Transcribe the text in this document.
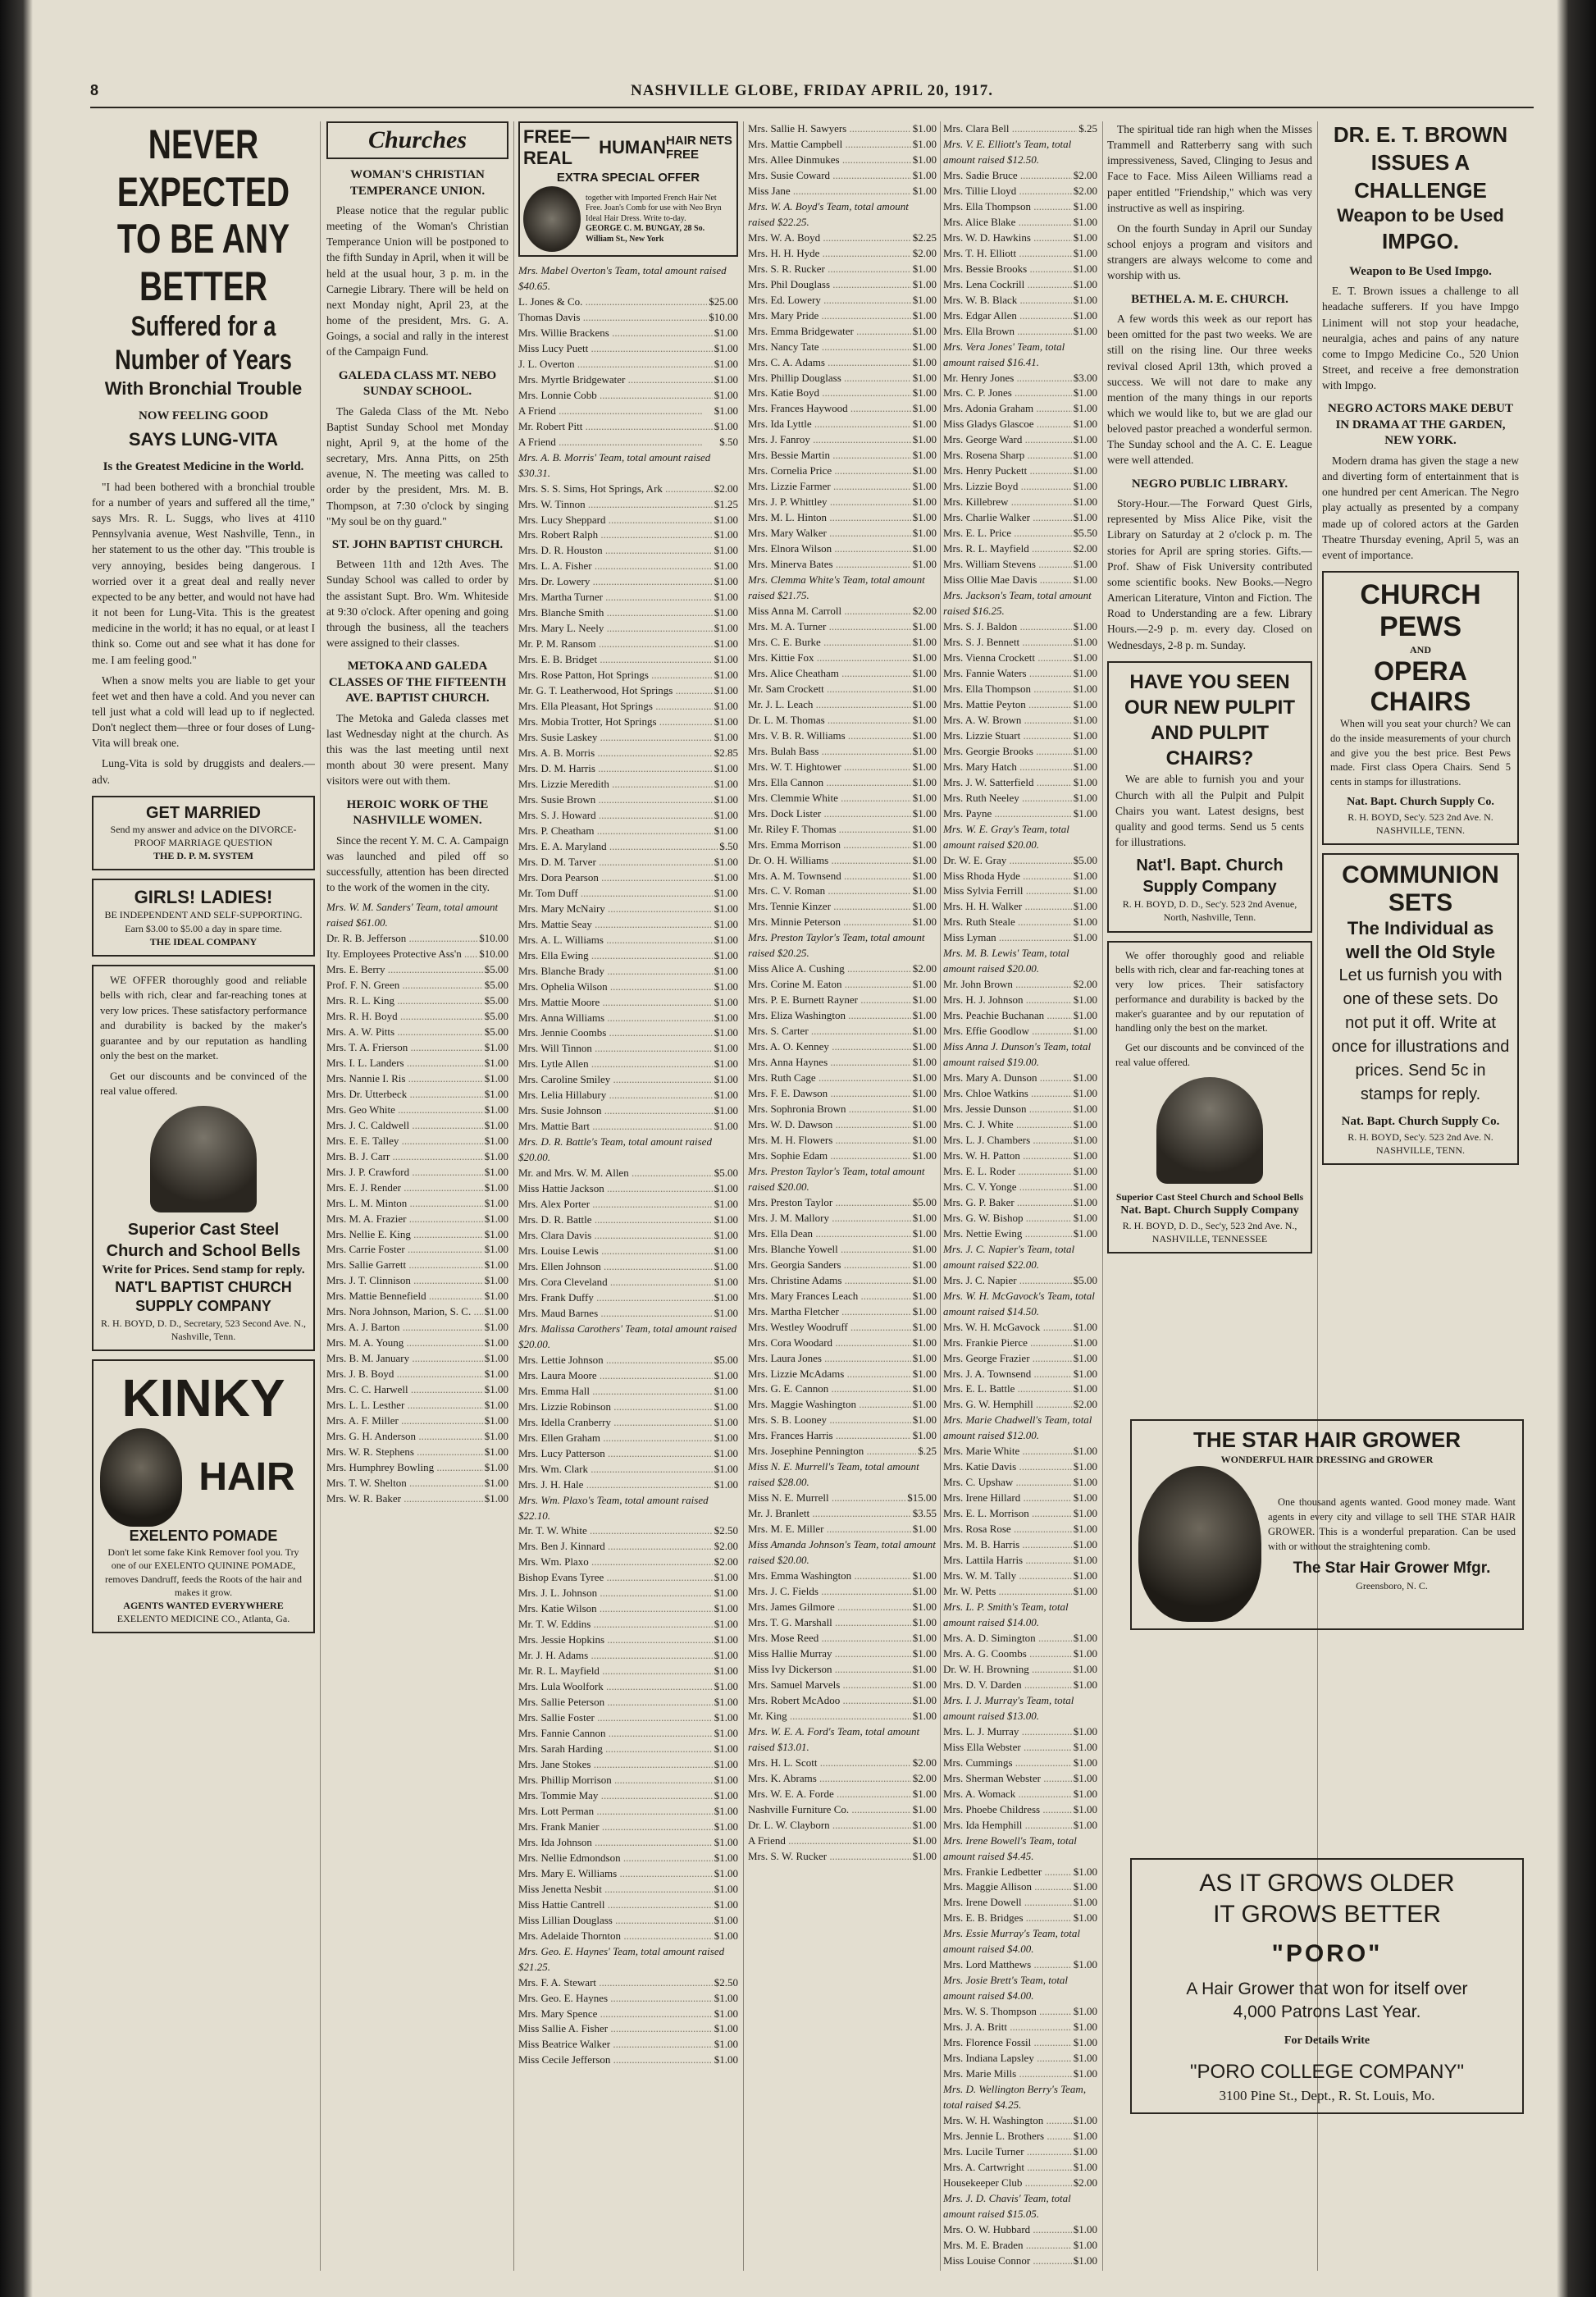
8	NASHVILLE GLOBE, FRIDAY APRIL 20, 1917.
NEVER EXPECTED TO BE ANY BETTER
Suffered for a Number of Years
With Bronchial Trouble
NOW FEELING GOOD
SAYS LUNG-VITA
Is the Greatest Medicine in the World.

"I had been bothered with a bronchial trouble for a number of years and suffered all the time," says Mrs. R. L. Suggs, who lives at 4110 Pennsylvania avenue, West Nashville, Tenn., in her statement to us the other day. "This trouble is very annoying, besides being dangerous. I worried over it a great deal and really never expected to be any better, and would not have had it not been for Lung-Vita. This is the greatest medicine in the world; it has no equal, or at least I think so. Come out and see what it has done for me. I am feeling good."

When a snow melts you are liable to get your feet wet and then have a cold. And you never can tell just what a cold will lead up to if neglected. Don't neglect them—three or four doses of Lung-Vita will break one.

Lung-Vita is sold by druggists and dealers.—adv.

GET MARRIED
Send my answer and advice on the DIVORCE-PROOF MARRIAGE QUESTION
THE D. P. M. SYSTEM
GIRLS! LADIES!
BE INDEPENDENT AND SELF-SUPPORTING. Earn $3.00 to $5.00 a day in spare time.
THE IDEAL COMPANY

WE OFFER thoroughly good and reliable bells with rich, clear and far-reaching tones at very low prices. These satisfactory performance and durability is backed by the maker's guarantee and by our reputation as handling only the best on the market.

Get our discounts and be convinced of the real value offered.

Superior Cast Steel Church and School Bells
Write for Prices. Send stamp for reply.
NAT'L BAPTIST CHURCH SUPPLY COMPANY
R. H. BOYD, D. D., Secretary, 523 Second Ave. N., Nashville, Tenn.
KINKY
HAIR
EXELENTO POMADE
Don't let some fake Kink Remover fool you. Try one of our EXELENTO QUININE POMADE, removes Dandruff, feeds the Roots of the hair and makes it grow.
AGENTS WANTED EVERYWHERE
EXELENTO MEDICINE CO., Atlanta, Ga.
Churches
WOMAN'S CHRISTIAN TEMPERANCE UNION.

Please notice that the regular public meeting of the Woman's Christian Temperance Union will be postponed to the fifth Sunday in April, when it will be held at the usual hour, 3 p. m. in the Carnegie Library. There will be held on next Monday night, April 23, at the home of the president, Mrs. G. A. Goings, a social and rally in the interest of the Campaign Fund.

GALEDA CLASS MT. NEBO SUNDAY SCHOOL.

The Galeda Class of the Mt. Nebo Baptist Sunday School met Monday night, April 9, at the home of the secretary, Mrs. Anna Pitts, on 25th avenue, N. The meeting was called to order by the president, Mrs. M. B. Thompson, at 7:30 o'clock by singing "My soul be on thy guard."

ST. JOHN BAPTIST CHURCH.

Between 11th and 12th Aves. The Sunday School was called to order by the assistant Supt. Bro. Wm. Whiteside at 9:30 o'clock. After opening and going through the business, all the teachers were assigned to their classes.

METOKA AND GALEDA CLASSES OF THE FIFTEENTH AVE. BAPTIST CHURCH.

The Metoka and Galeda classes met last Wednesday night at the church. As this was the last meeting until next month about 30 were present. Many visitors were out with them.

HEROIC WORK OF THE NASHVILLE WOMEN.

Since the recent Y. M. C. A. Campaign was launched and piled off so successfully, attention has been directed to the work of the women in the city.

Mrs. W. M. Sanders' Team, total amount raised $61.00.
Dr. R. B. Jefferson .....	$10.00
Ity. Employees Protective Ass'n .....	$10.00
Mrs. E. Berry .....	$5.00
Prof. F. N. Green .....	$5.00
Mrs. R. L. King .....	$5.00
Mrs. R. H. Boyd .....	$5.00
Mrs. A. W. Pitts .....	$5.00
Mrs. T. A. Frierson .....	$1.00
Mrs. I. L. Landers .....	$1.00
Mrs. Nannie I. Ris .....	$1.00
Mrs. Dr. Utterbeck .....	$1.00
Mrs. Geo White .....	$1.00
Mrs. J. C. Caldwell .....	$1.00
Mrs. E. E. Talley .....	$1.00
Mrs. B. J. Carr .....	$1.00
Mrs. J. P. Crawford .....	$1.00
Mrs. E. J. Render .....	$1.00
Mrs. L. M. Minton .....	$1.00
Mrs. M. A. Frazier .....	$1.00
Mrs. Nellie E. King .....	$1.00
Mrs. Carrie Foster .....	$1.00
Mrs. Sallie Garrett .....	$1.00
Mrs. J. T. Clinnison .....	$1.00
Mrs. Mattie Bennefield .....	$1.00
Mrs. Nora Johnson, Marion, S. C. .....	$1.00
Mrs. A. J. Barton .....	$1.00
Mrs. M. A. Young .....	$1.00
Mrs. B. M. January .....	$1.00
Mrs. J. B. Boyd .....	$1.00
Mrs. C. C. Harwell .....	$1.00
Mrs. L. L. Lesther .....	$1.00
Mrs. A. F. Miller .....	$1.00
Mrs. G. H. Anderson .....	$1.00
Mrs. W. R. Stephens .....	$1.00
Mrs. Humphrey Bowling .....	$1.00
Mrs. T. W. Shelton .....	$1.00
Mrs. W. R. Baker .....	$1.00
FREE—REAL
HUMAN HAIR NETS FREE
EXTRA SPECIAL OFFER
together with Imported French Hair Net Free. Joan's Comb for use with Neo Bryn Ideal Hair Dress. Write to-day.
GEORGE C. M. BUNGAY, 28 So. William St., New York
Mrs. Mabel Overton's Team, total amount raised $40.65.
L. Jones & Co. .....	$25.00
Thomas Davis .....	$10.00
Mrs. Willie Brackens .....	$1.00
Miss Lucy Puett .....	$1.00
J. L. Overton .....	$1.00
Mrs. Myrtle Bridgewater .....	$1.00
Mrs. Lonnie Cobb .....	$1.00
A Friend .....	$1.00
Mr. Robert Pitt .....	$1.00
A Friend .....	$.50
Mrs. A. B. Morris' Team, total amount raised $30.31.
Mrs. S. S. Sims, Hot Springs, Ark .....	$2.00
Mrs. W. Tinnon .....	$1.25
Mrs. Lucy Sheppard .....	$1.00
Mrs. Robert Ralph .....	$1.00
Mrs. D. R. Houston .....	$1.00
Mrs. L. A. Fisher .....	$1.00
Mrs. Dr. Lowery .....	$1.00
Mrs. Martha Turner .....	$1.00
Mrs. Blanche Smith .....	$1.00
Mrs. Mary L. Neely .....	$1.00
Mr. P. M. Ransom .....	$1.00
Mrs. E. B. Bridget .....	$1.00
Mrs. Rose Patton, Hot Springs .....	$1.00
Mr. G. T. Leatherwood, Hot Springs .....	$1.00
Mrs. Ella Pleasant, Hot Springs .....	$1.00
Mrs. Mobia Trotter, Hot Springs .....	$1.00
Mrs. Susie Laskey .....	$1.00
Mrs. A. B. Morris .....	$2.85
Mrs. D. M. Harris .....	$1.00
Mrs. Lizzie Meredith .....	$1.00
Mrs. Susie Brown .....	$1.00
Mrs. S. J. Howard .....	$1.00
Mrs. P. Cheatham .....	$1.00
Mrs. E. A. Maryland .....	$.50
Mrs. D. M. Tarver .....	$1.00
Mrs. Dora Pearson .....	$1.00
Mr. Tom Duff .....	$1.00
Mrs. Mary McNairy .....	$1.00
Mrs. Mattie Seay .....	$1.00
Mrs. A. L. Williams .....	$1.00
Mrs. Ella Ewing .....	$1.00
Mrs. Blanche Brady .....	$1.00
Mrs. Ophelia Wilson .....	$1.00
Mrs. Mattie Moore .....	$1.00
Mrs. Anna Williams .....	$1.00
Mrs. Jennie Coombs .....	$1.00
Mrs. Will Tinnon .....	$1.00
Mrs. Lytle Allen .....	$1.00
Mrs. Caroline Smiley .....	$1.00
Mrs. Lelia Hillabury .....	$1.00
Mrs. Susie Johnson .....	$1.00
Mrs. Mattie Bart .....	$1.00
Mrs. D. R. Battle's Team, total amount raised $20.00.
Mr. and Mrs. W. M. Allen .....	$5.00
Miss Hattie Jackson .....	$1.00
Mrs. Alex Porter .....	$1.00
Mrs. D. R. Battle .....	$1.00
Mrs. Clara Davis .....	$1.00
Mrs. Louise Lewis .....	$1.00
Mrs. Ellen Johnson .....	$1.00
Mrs. Cora Cleveland .....	$1.00
Mrs. Frank Duffy .....	$1.00
Mrs. Maud Barnes .....	$1.00
Mrs. Malissa Carothers' Team, total amount raised $20.00.
Mrs. Lettie Johnson .....	$5.00
Mrs. Laura Moore .....	$1.00
Mrs. Emma Hall .....	$1.00
Mrs. Lizzie Robinson .....	$1.00
Mrs. Idella Cranberry .....	$1.00
Mrs. Ellen Graham .....	$1.00
Mrs. Lucy Patterson .....	$1.00
Mrs. Wm. Clark .....	$1.00
Mrs. J. H. Hale .....	$1.00
Mrs. Wm. Plaxo's Team, total amount raised $22.10.
Mr. T. W. White .....	$2.50
Mrs. Ben J. Kinnard .....	$2.00
Mrs. Wm. Plaxo .....	$2.00
Bishop Evans Tyree .....	$1.00
Mrs. J. L. Johnson .....	$1.00
Mrs. Katie Wilson .....	$1.00
Mr. T. W. Eddins .....	$1.00
Mrs. Jessie Hopkins .....	$1.00
Mr. J. H. Adams .....	$1.00
Mr. R. L. Mayfield .....	$1.00
Mrs. Lula Woolfork .....	$1.00
Mrs. Sallie Peterson .....	$1.00
Mrs. Sallie Foster .....	$1.00
Mrs. Fannie Cannon .....	$1.00
Mrs. Sarah Harding .....	$1.00
Mrs. Jane Stokes .....	$1.00
Mrs. Phillip Morrison .....	$1.00
Mrs. Tommie May .....	$1.00
Mrs. Lott Perman .....	$1.00
Mrs. Frank Manier .....	$1.00
Mrs. Ida Johnson .....	$1.00
Mrs. Nellie Edmondson .....	$1.00
Mrs. Mary E. Williams .....	$1.00
Miss Jenetta Nesbit .....	$1.00
Miss Hattie Cantrell .....	$1.00
Miss Lillian Douglass .....	$1.00
Mrs. Adelaide Thornton .....	$1.00
Mrs. Geo. E. Haynes' Team, total amount raised $21.25.
Mrs. F. A. Stewart .....	$2.50
Mrs. Geo. E. Haynes .....	$1.00
Mrs. Mary Spence .....	$1.00
Miss Sallie A. Fisher .....	$1.00
Miss Beatrice Walker .....	$1.00
Miss Cecile Jefferson .....	$1.00
Mrs. Sallie H. Sawyers .....	$1.00
Mrs. Mattie Campbell .....	$1.00
Mrs. Allee Dinmukes .....	$1.00
Mrs. Susie Coward .....	$1.00
Miss Jane .....	$1.00
Mrs. W. A. Boyd's Team, total amount raised $22.25.
Mrs. W. A. Boyd .....	$2.25
Mrs. H. H. Hyde .....	$2.00
Mrs. S. R. Rucker .....	$1.00
Mrs. Phil Douglass .....	$1.00
Mrs. Ed. Lowery .....	$1.00
Mrs. Mary Pride .....	$1.00
Mrs. Emma Bridgewater .....	$1.00
Mrs. Nancy Tate .....	$1.00
Mrs. C. A. Adams .....	$1.00
Mrs. Phillip Douglass .....	$1.00
Mrs. Katie Boyd .....	$1.00
Mrs. Frances Haywood .....	$1.00
Mrs. Ida Lyttle .....	$1.00
Mrs. J. Fanroy .....	$1.00
Mrs. Bessie Martin .....	$1.00
Mrs. Cornelia Price .....	$1.00
Mrs. Lizzie Farmer .....	$1.00
Mrs. J. P. Whittley .....	$1.00
Mrs. M. L. Hinton .....	$1.00
Mrs. Mary Walker .....	$1.00
Mrs. Elnora Wilson .....	$1.00
Mrs. Minerva Bates .....	$1.00
Mrs. Clemma White's Team, total amount raised $21.75.
Miss Anna M. Carroll .....	$2.00
Mrs. M. A. Turner .....	$1.00
Mrs. C. E. Burke .....	$1.00
Mrs. Kittie Fox .....	$1.00
Mrs. Alice Cheatham .....	$1.00
Mr. Sam Crockett .....	$1.00
Mr. J. L. Leach .....	$1.00
Dr. L. M. Thomas .....	$1.00
Mrs. V. B. R. Williams .....	$1.00
Mrs. Bulah Bass .....	$1.00
Mrs. W. T. Hightower .....	$1.00
Mrs. Ella Cannon .....	$1.00
Mrs. Clemmie White .....	$1.00
Mrs. Dock Lister .....	$1.00
Mr. Riley F. Thomas .....	$1.00
Mrs. Emma Morrison .....	$1.00
Dr. O. H. Williams .....	$1.00
Mrs. A. M. Townsend .....	$1.00
Mrs. C. V. Roman .....	$1.00
Mrs. Tennie Kinzer .....	$1.00
Mrs. Minnie Peterson .....	$1.00
Mrs. Preston Taylor's Team, total amount raised $20.25.
Miss Alice A. Cushing .....	$2.00
Mrs. Corine M. Eaton .....	$1.00
Mrs. P. E. Burnett Rayner .....	$1.00
Mrs. Eliza Washington .....	$1.00
Mrs. S. Carter .....	$1.00
Mrs. A. O. Kenney .....	$1.00
Mrs. Anna Haynes .....	$1.00
Mrs. Ruth Cage .....	$1.00
Mrs. F. E. Dawson .....	$1.00
Mrs. Sophronia Brown .....	$1.00
Mrs. W. D. Dawson .....	$1.00
Mrs. M. H. Flowers .....	$1.00
Mrs. Sophie Edam .....	$1.00
Mrs. Preston Taylor's Team, total amount raised $20.00.
Mrs. Preston Taylor .....	$5.00
Mrs. J. M. Mallory .....	$1.00
Mrs. Ella Dean .....	$1.00
Mrs. Blanche Yowell .....	$1.00
Mrs. Georgia Sanders .....	$1.00
Mrs. Christine Adams .....	$1.00
Mrs. Mary Frances Leach .....	$1.00
Mrs. Martha Fletcher .....	$1.00
Mrs. Westley Woodruff .....	$1.00
Mrs. Cora Woodard .....	$1.00
Mrs. Laura Jones .....	$1.00
Mrs. Lizzie McAdams .....	$1.00
Mrs. G. E. Cannon .....	$1.00
Mrs. Maggie Washington .....	$1.00
Mrs. S. B. Looney .....	$1.00
Mrs. Frances Harris .....	$1.00
Mrs. Josephine Pennington .....	$.25
Miss N. E. Murrell's Team, total amount raised $28.00.
Miss N. E. Murrell .....	$15.00
Mr. J. Branlett .....	$3.55
Mrs. M. E. Miller .....	$1.00
Miss Amanda Johnson's Team, total amount raised $20.00.
Mrs. Emma Washington .....	$1.00
Mrs. J. C. Fields .....	$1.00
Mrs. James Gilmore .....	$1.00
Mrs. T. G. Marshall .....	$1.00
Mrs. Mose Reed .....	$1.00
Miss Hallie Murray .....	$1.00
Miss Ivy Dickerson .....	$1.00
Mrs. Samuel Marvels .....	$1.00
Mrs. Robert McAdoo .....	$1.00
Mr. King .....	$1.00
Mrs. W. E. A. Ford's Team, total amount raised $13.01.
Mrs. H. L. Scott .....	$2.00
Mrs. K. Abrams .....	$2.00
Mrs. W. E. A. Forde .....	$1.00
Nashville Furniture Co. .....	$1.00
Dr. L. W. Clayborn .....	$1.00
A Friend .....	$1.00
Mrs. S. W. Rucker .....	$1.00
Mrs. Clara Bell .....	$.25
Mrs. V. E. Elliott's Team, total amount raised $12.50.
Mrs. Sadie Bruce .....	$2.00
Mrs. Tillie Lloyd .....	$2.00
Mrs. Ella Thompson .....	$1.00
Mrs. Alice Blake .....	$1.00
Mrs. W. D. Hawkins .....	$1.00
Mrs. T. H. Elliott .....	$1.00
Mrs. Bessie Brooks .....	$1.00
Mrs. Lena Cockrill .....	$1.00
Mrs. W. B. Black .....	$1.00
Mrs. Edgar Allen .....	$1.00
Mrs. Ella Brown .....	$1.00
Mrs. Vera Jones' Team, total amount raised $16.41.
Mr. Henry Jones .....	$3.00
Mrs. C. P. Jones .....	$1.00
Mrs. Adonia Graham .....	$1.00
Miss Gladys Glascoe .....	$1.00
Mrs. George Ward .....	$1.00
Mrs. Rosena Sharp .....	$1.00
Mrs. Henry Puckett .....	$1.00
Mrs. Lizzie Boyd .....	$1.00
Mrs. Killebrew .....	$1.00
Mrs. Charlie Walker .....	$1.00
Mrs. E. L. Price .....	$5.50
Mrs. R. L. Mayfield .....	$2.00
Mrs. William Stevens .....	$1.00
Miss Ollie Mae Davis .....	$1.00
Mrs. Jackson's Team, total amount raised $16.25.
Mrs. S. J. Baldon .....	$1.00
Mrs. S. J. Bennett .....	$1.00
Mrs. Vienna Crockett .....	$1.00
Mrs. Fannie Waters .....	$1.00
Mrs. Ella Thompson .....	$1.00
Mrs. Mattie Peyton .....	$1.00
Mrs. A. W. Brown .....	$1.00
Mrs. Lizzie Stuart .....	$1.00
Mrs. Georgie Brooks .....	$1.00
Mrs. Mary Hatch .....	$1.00
Mrs. J. W. Satterfield .....	$1.00
Mrs. Ruth Neeley .....	$1.00
Mrs. Payne .....	$1.00
Mrs. W. E. Gray's Team, total amount raised $20.00.
Dr. W. E. Gray .....	$5.00
Miss Rhoda Hyde .....	$1.00
Miss Sylvia Ferrill .....	$1.00
Mrs. H. H. Walker .....	$1.00
Mrs. Ruth Steale .....	$1.00
Miss Lyman .....	$1.00
Mrs. M. B. Lewis' Team, total amount raised $20.00.
Mr. John Brown .....	$2.00
Mrs. H. J. Johnson .....	$1.00
Mrs. Peachie Buchanan .....	$1.00
Mrs. Effie Goodlow .....	$1.00
Miss Anna J. Dunson's Team, total amount raised $19.00.
Mrs. Mary A. Dunson .....	$1.00
Mrs. Chloe Watkins .....	$1.00
Mrs. Jessie Dunson .....	$1.00
Mrs. C. J. White .....	$1.00
Mrs. L. J. Chambers .....	$1.00
Mrs. W. H. Patton .....	$1.00
Mrs. E. L. Roder .....	$1.00
Mrs. C. V. Yonge .....	$1.00
Mrs. G. P. Baker .....	$1.00
Mrs. G. W. Bishop .....	$1.00
Mrs. Nettie Ewing .....	$1.00
Mrs. J. C. Napier's Team, total amount raised $22.00.
Mrs. J. C. Napier .....	$5.00
Mrs. W. H. McGavock's Team, total amount raised $14.50.
Mrs. W. H. McGavock .....	$1.00
Mrs. Frankie Pierce .....	$1.00
Mrs. George Frazier .....	$1.00
Mrs. J. A. Townsend .....	$1.00
Mrs. E. L. Battle .....	$1.00
Mrs. G. W. Hemphill .....	$2.00
Mrs. Marie Chadwell's Team, total amount raised $12.00.
Mrs. Marie White .....	$1.00
Mrs. Katie Davis .....	$1.00
Mrs. C. Upshaw .....	$1.00
Mrs. Irene Hillard .....	$1.00
Mrs. E. L. Morrison .....	$1.00
Mrs. Rosa Rose .....	$1.00
Mrs. M. B. Harris .....	$1.00
Mrs. Lattila Harris .....	$1.00
Mrs. W. M. Tally .....	$1.00
Mr. W. Petts .....	$1.00
Mrs. L. P. Smith's Team, total amount raised $14.00.
Mrs. A. D. Simington .....	$1.00
Mrs. A. G. Coombs .....	$1.00
Dr. W. H. Browning .....	$1.00
Mrs. D. V. Darden .....	$1.00
Mrs. I. J. Murray's Team, total amount raised $13.00.
Mrs. L. J. Murray .....	$1.00
Miss Ella Webster .....	$1.00
Mrs. Cummings .....	$1.00
Mrs. Sherman Webster .....	$1.00
Mrs. A. Womack .....	$1.00
Mrs. Phoebe Childress .....	$1.00
Mrs. Ida Hemphill .....	$1.00
Mrs. Irene Bowell's Team, total amount raised $4.45.
Mrs. Frankie Ledbetter .....	$1.00
Mrs. Maggie Allison .....	$1.00
Mrs. Irene Dowell .....	$1.00
Mrs. E. B. Bridges .....	$1.00
Mrs. Essie Murray's Team, total amount raised $4.00.
Mrs. Lord Matthews .....	$1.00
Mrs. Josie Brett's Team, total amount raised $4.00.
Mrs. W. S. Thompson .....	$1.00
Mrs. J. A. Britt .....	$1.00
Mrs. Florence Fossil .....	$1.00
Mrs. Indiana Lapsley .....	$1.00
Mrs. Marie Mills .....	$1.00
Mrs. D. Wellington Berry's Team, total raised $4.25.
Mrs. W. H. Washington .....	$1.00
Mrs. Jennie L. Brothers .....	$1.00
Mrs. Lucile Turner .....	$1.00
Mrs. A. Cartwright .....	$1.00
Housekeeper Club .....	$2.00
Mrs. J. D. Chavis' Team, total amount raised $15.05.
Mrs. O. W. Hubbard .....	$1.00
Mrs. M. E. Braden .....	$1.00
Miss Louise Connor .....	$1.00
.....

The spiritual tide ran high when the Misses Trammell and Ratterberry sang with such impressiveness, Saved, Clinging to Jesus and Face to Face. Miss Aileen Williams read a paper entitled "Friendship," which was very instructive as well as inspiring.

On the fourth Sunday in April our Sunday school enjoys a program and visitors and strangers are always welcome to come and worship with us.

BETHEL A. M. E. CHURCH.

A few words this week as our report has been omitted for the past two weeks. We are still on the rising line. Our three weeks revival closed April 13th, which proved a success. We will not dare to make any mention of the many things in our reports which we would like to, but we are glad our beloved pastor preached a wonderful sermon. The Sunday school and the A. C. E. League were well attended.

NEGRO PUBLIC LIBRARY.

Story-Hour.—The Forward Quest Girls, represented by Miss Alice Pike, visit the Library on Saturday at 2 o'clock p. m. The stories for April are spring stories. Gifts.—Prof. Shaw of Fisk University contributed some scientific books. New Books.—Negro American Literature, Vinton and Fiction. The Road to Understanding are a few. Library Hours.—2-9 p. m. every day. Closed on Wednesdays, 2-8 p. m. Sunday.

HAVE YOU SEEN OUR NEW PULPIT AND PULPIT CHAIRS?

We are able to furnish you and your Church with all the Pulpit and Pulpit Chairs you want. Latest designs, best quality and good terms. Send us 5 cents for illustrations.

Nat'l. Bapt. Church Supply Company
R. H. BOYD, D. D., Sec'y. 523 2nd Avenue, North, Nashville, Tenn.

We offer thoroughly good and reliable bells with rich, clear and far-reaching tones at very low prices. Their satisfactory performance and durability is backed by the maker's guarantee and by our reputation of handling only the best on the market.

Get our discounts and be convinced of the real value offered.

Superior Cast Steel Church and School Bells
Nat. Bapt. Church Supply Company
R. H. BOYD, D. D., Sec'y, 523 2nd Ave. N., NASHVILLE, TENNESSEE
THE STAR HAIR GROWER
WONDERFUL HAIR DRESSING and GROWER

One thousand agents wanted. Good money made. Want agents in every city and village to sell THE STAR HAIR GROWER. This is a wonderful preparation. Can be used with or without the straightening comb.

The Star Hair Grower Mfgr.
Greensboro, N. C.
DR. E. T. BROWN ISSUES A CHALLENGE
Weapon to be Used
IMPGO.
Weapon to Be Used Impgo.

E. T. Brown issues a challenge to all headache sufferers. If you have Impgo Liniment will not stop your headache, neuralgia, aches and pains of any nature come to Impgo Medicine Co., 520 Union Street, and receive a free demonstration with Impgo.

NEGRO ACTORS MAKE DEBUT IN DRAMA AT THE GARDEN, NEW YORK.

Modern drama has given the stage a new and diverting form of entertainment that is one hundred per cent American. The Negro play actually as presented by a company made up of colored actors at the Garden Theatre Thursday evening, April 5, was an event of importance.

CHURCH PEWS
AND
OPERA CHAIRS

When will you seat your church? We can do the inside measurements of your church and give you the best price. Best Pews made. First class Opera Chairs. Send 5 cents in stamps for illustrations.

Nat. Bapt. Church Supply Co.
R. H. BOYD, Sec'y. 523 2nd Ave. N. NASHVILLE, TENN.
COMMUNION SETS
The Individual as well the Old Style
Let us furnish you with one of these sets. Do not put it off. Write at once for illustrations and prices. Send 5c in stamps for reply.
Nat. Bapt. Church Supply Co.
R. H. BOYD, Sec'y. 523 2nd Ave. N. NASHVILLE, TENN.
AS IT GROWS OLDER
IT GROWS BETTER
"PORO"
A Hair Grower that won for itself over
4,000 Patrons Last Year.
For Details Write
"PORO COLLEGE COMPANY"
3100 Pine St., Dept., R. St. Louis, Mo.
